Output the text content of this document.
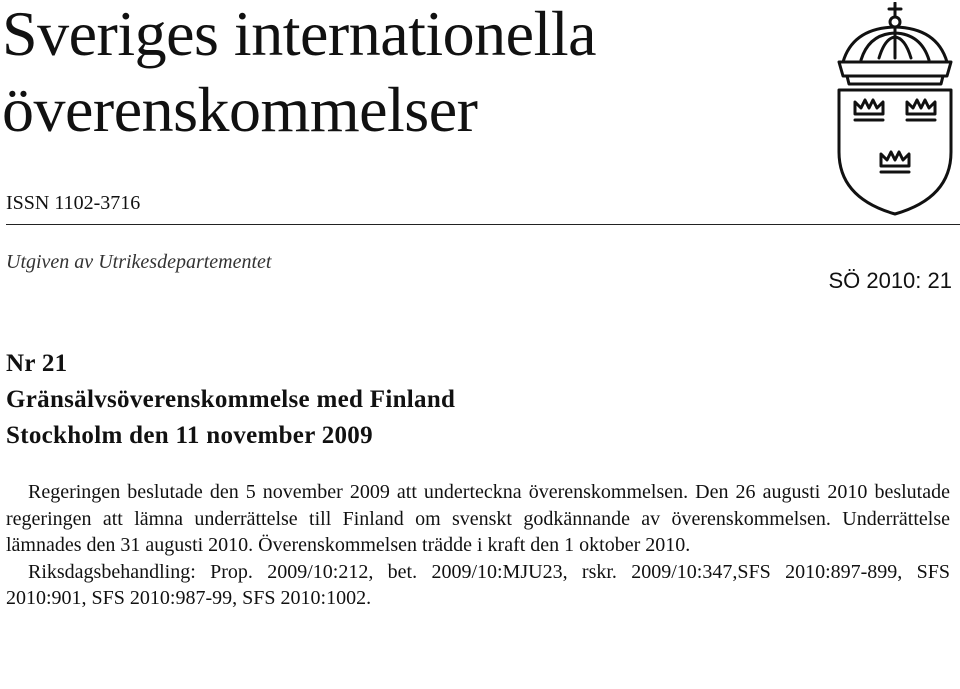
Sveriges internationella
överenskommelser
ISSN 1102-3716
Utgiven av Utrikesdepartementet
SÖ 2010: 21
Nr 21
Gränsälvsöverenskommelse med Finland
Stockholm den 11 november 2009

Regeringen beslutade den 5 november 2009 att underteckna överenskommelsen. Den 26 augusti 2010 beslutade regeringen att lämna underrättelse till Finland om svenskt godkännande av överenskommelsen. Underrättelse lämnades den 31 augusti 2010. Överenskommelsen trädde i kraft den 1 oktober 2010.

Riksdagsbehandling: Prop. 2009/10:212, bet. 2009/10:MJU23, rskr. 2009/10:347,SFS 2010:897-899, SFS 2010:901, SFS 2010:987-99, SFS 2010:1002.
